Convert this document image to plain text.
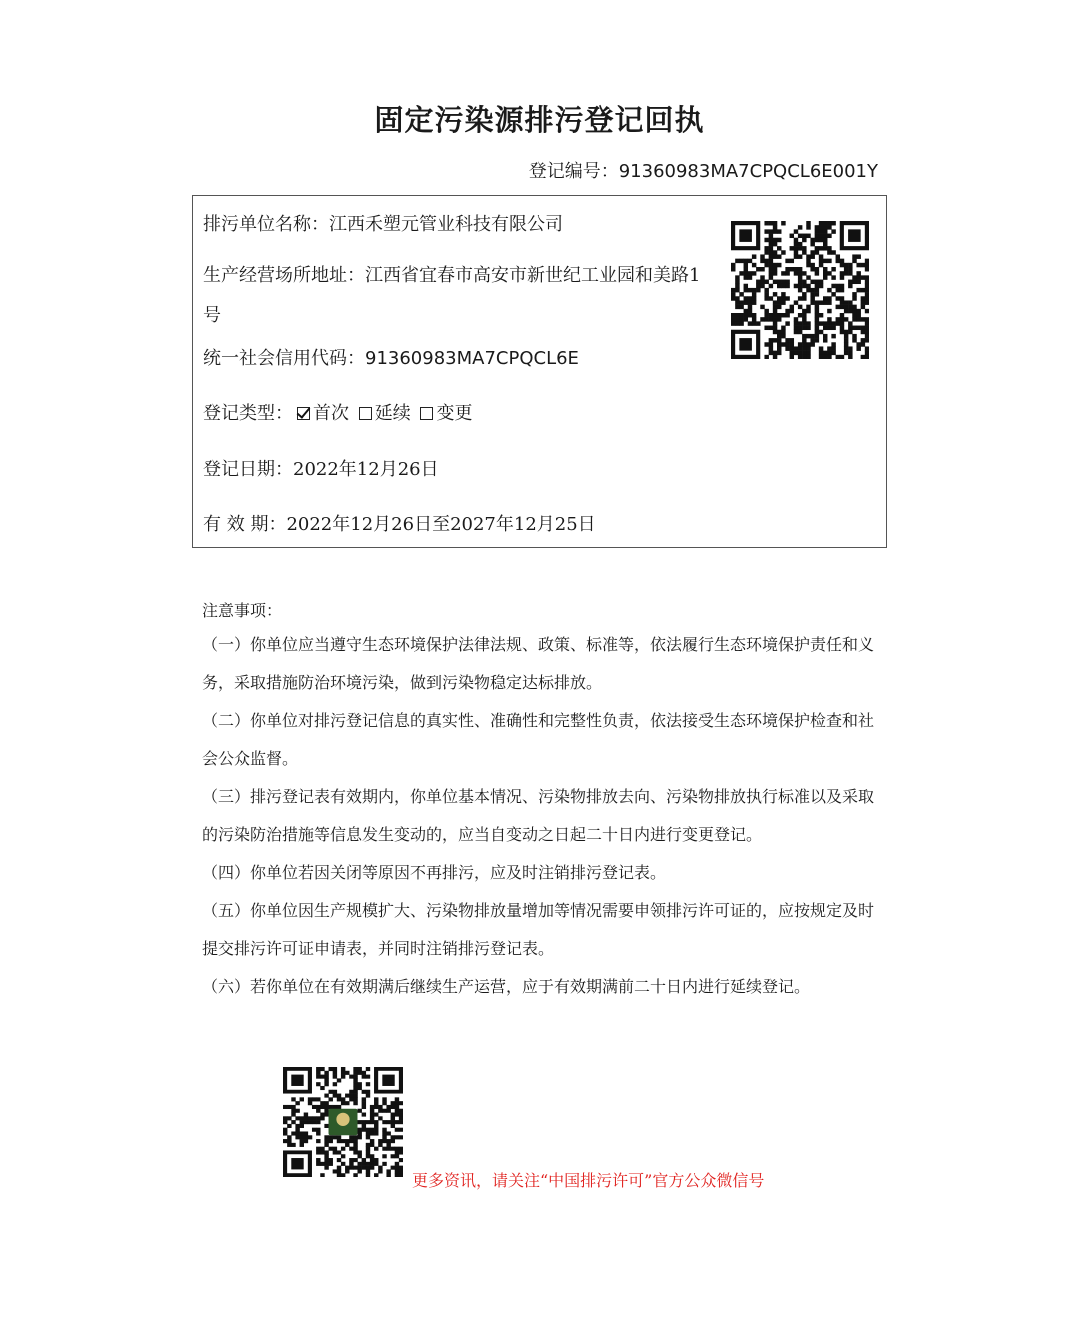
固定污染源排污登记回执
登记编号：91360983MA7CPQCL6E001Y
排污单位名称：江西禾塑元管业科技有限公司
生产经营场所地址：江西省宜春市高安市新世纪工业园和美路1号
统一社会信用代码：91360983MA7CPQCL6E
登记类型： 首次 延续 变更
登记日期：2022年12月26日
有 效 期：2022年12月26日至2027年12月25日
注意事项：
（一）你单位应当遵守生态环境保护法律法规、政策、标准等，依法履行生态环境保护责任和义务，采取措施防治环境污染，做到污染物稳定达标排放。
（二）你单位对排污登记信息的真实性、准确性和完整性负责，依法接受生态环境保护检查和社会公众监督。
（三）排污登记表有效期内，你单位基本情况、污染物排放去向、污染物排放执行标准以及采取的污染防治措施等信息发生变动的，应当自变动之日起二十日内进行变更登记。
（四）你单位若因关闭等原因不再排污，应及时注销排污登记表。
（五）你单位因生产规模扩大、污染物排放量增加等情况需要申领排污许可证的，应按规定及时提交排污许可证申请表，并同时注销排污登记表。
（六）若你单位在有效期满后继续生产运营，应于有效期满前二十日内进行延续登记。
更多资讯，请关注“中国排污许可”官方公众微信号
